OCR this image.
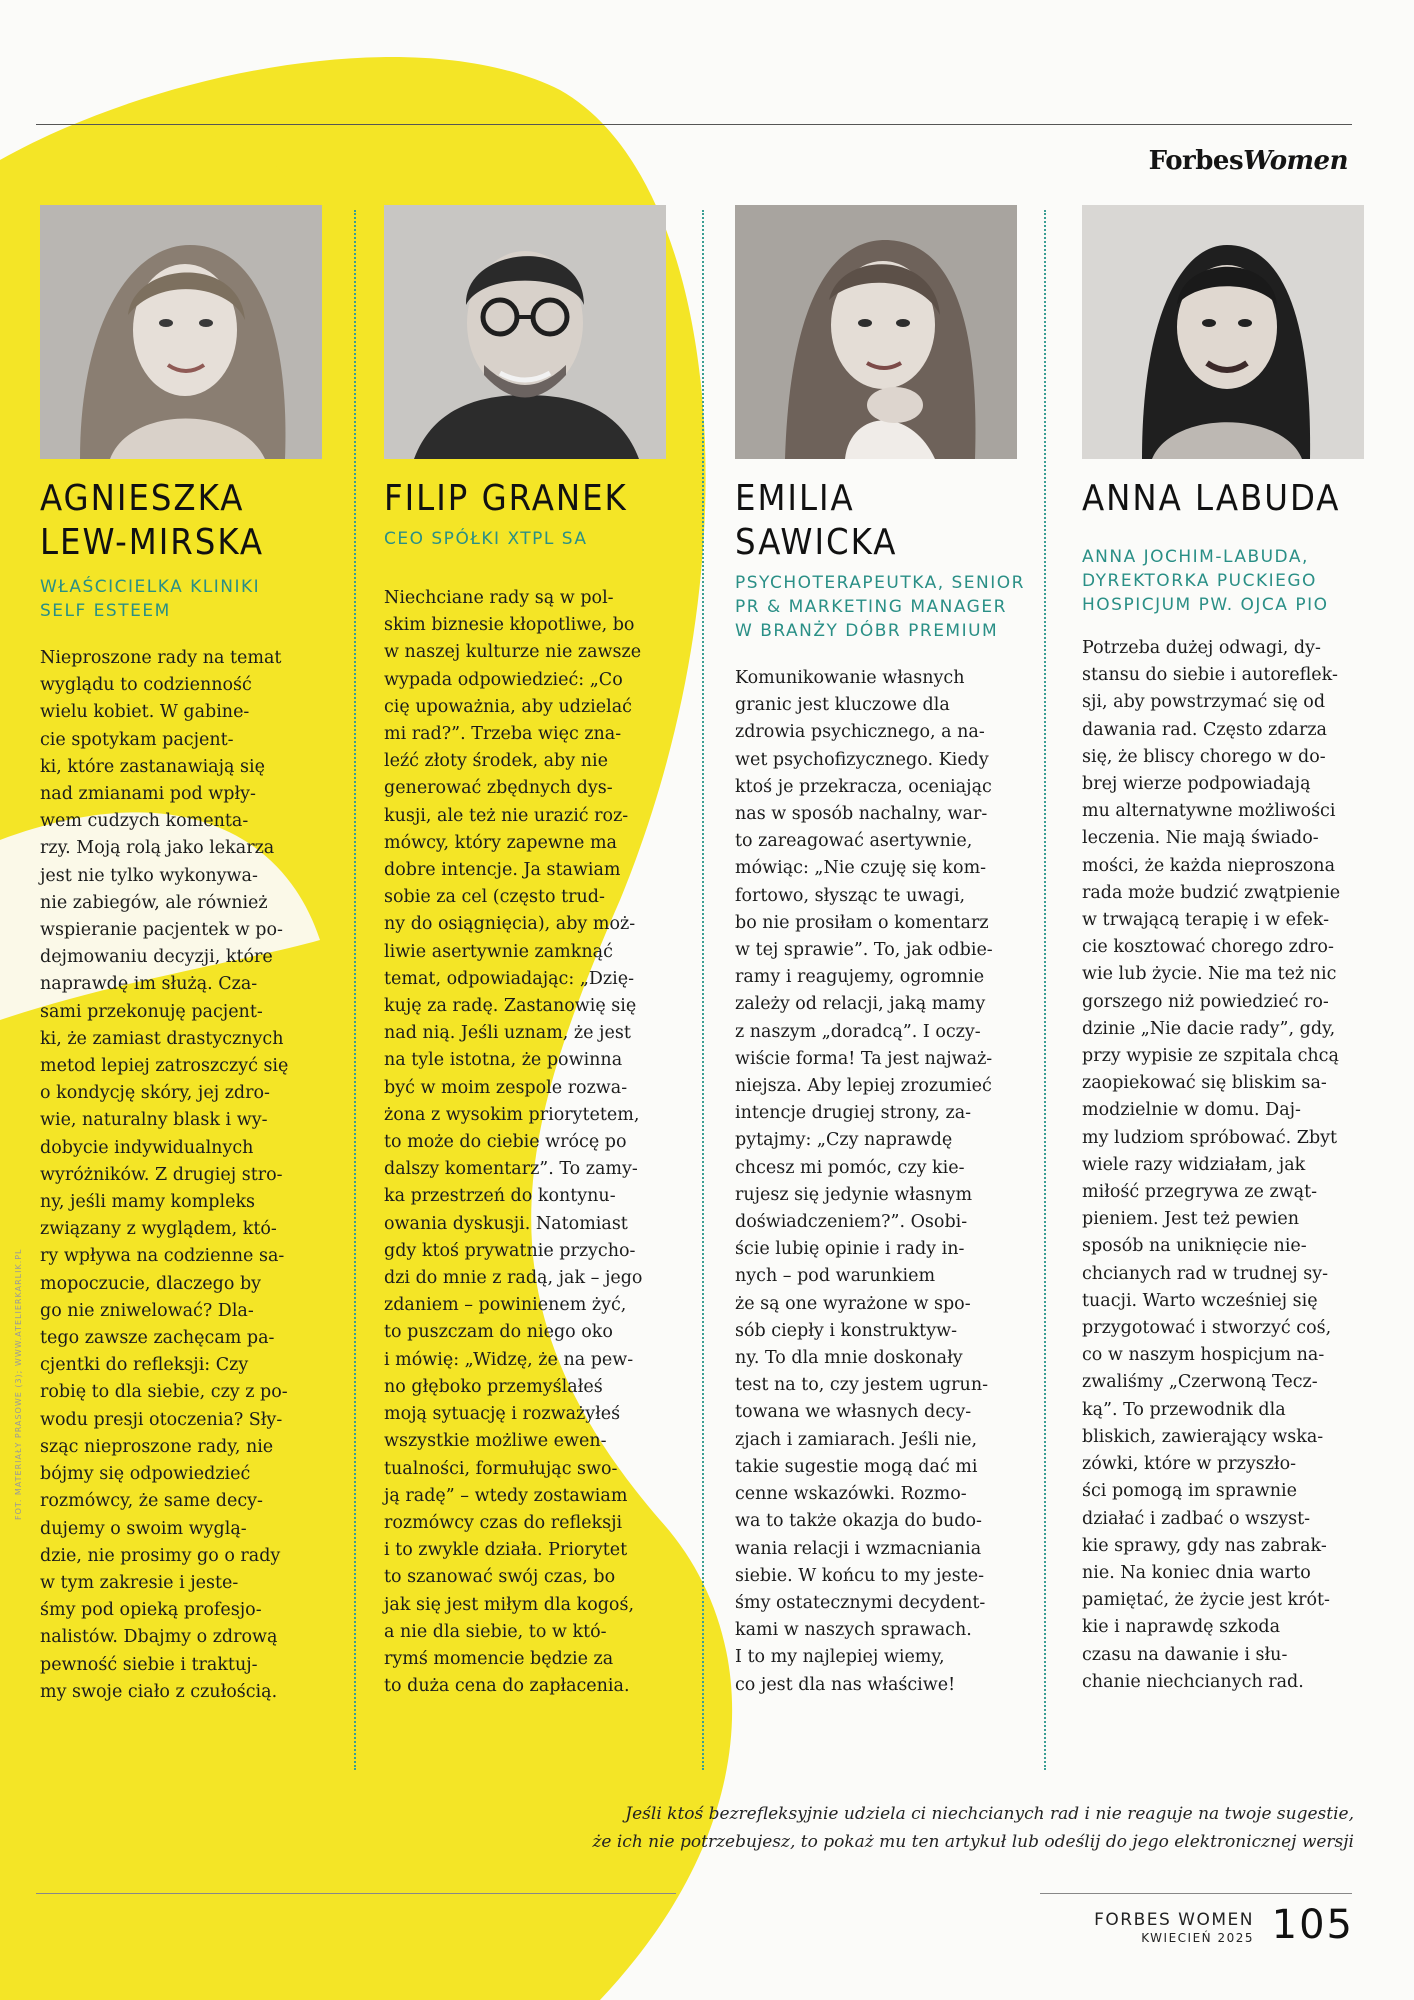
ForbesWomen
AGNIESZKA
LEW-MIRSKA
WŁAŚCICIELKA KLINIKI
SELF ESTEEM

Nieproszone rady na temat
wyglądu to codzienność
wielu kobiet. W gabine-
cie spotykam pacjent-
ki, które zastanawiają się
nad zmianami pod wpły-
wem cudzych komenta-
rzy. Moją rolą jako lekarza
jest nie tylko wykonywa-
nie zabiegów, ale również
wspieranie pacjentek w po-
dejmowaniu decyzji, które
naprawdę im służą. Cza-
sami przekonuję pacjent-
ki, że zamiast drastycznych
metod lepiej zatroszczyć się
o kondycję skóry, jej zdro-
wie, naturalny blask i wy-
dobycie indywidualnych
wyróżników. Z drugiej stro-
ny, jeśli mamy kompleks
związany z wyglądem, któ-
ry wpływa na codzienne sa-
mopoczucie, dlaczego by
go nie zniwelować? Dla-
tego zawsze zachęcam pa-
cjentki do refleksji: Czy
robię to dla siebie, czy z po-
wodu presji otoczenia? Sły-
sząc nieproszone rady, nie
bójmy się odpowiedzieć
rozmówcy, że same decy-
dujemy o swoim wyglą-
dzie, nie prosimy go o rady
w tym zakresie i jeste-
śmy pod opieką profesjo-
nalistów. Dbajmy o zdrową
pewność siebie i traktuj-
my swoje ciało z czułością.

FILIP GRANEK
CEO SPÓŁKI XTPL SA

Niechciane rady są w pol-
skim biznesie kłopotliwe, bo
w naszej kulturze nie zawsze
wypada odpowiedzieć: „Co
cię upoważnia, aby udzielać
mi rad?”. Trzeba więc zna-
leźć złoty środek, aby nie
generować zbędnych dys-
kusji, ale też nie urazić roz-
mówcy, który zapewne ma
dobre intencje. Ja stawiam
sobie za cel (często trud-
ny do osiągnięcia), aby moż-
liwie asertywnie zamknąć
temat, odpowiadając: „Dzię-
kuję za radę. Zastanowię się
nad nią. Jeśli uznam, że jest
na tyle istotna, że powinna
być w moim zespole rozwa-
żona z wysokim priorytetem,
to może do ciebie wrócę po
dalszy komentarz”. To zamy-
ka przestrzeń do kontynu-
owania dyskusji. Natomiast
gdy ktoś prywatnie przycho-
dzi do mnie z radą, jak – jego
zdaniem – powinienem żyć,
to puszczam do niego oko
i mówię: „Widzę, że na pew-
no głęboko przemyślałeś
moją sytuację i rozważyłeś
wszystkie możliwe ewen-
tualności, formułując swo-
ją radę” – wtedy zostawiam
rozmówcy czas do refleksji
i to zwykle działa. Priorytet
to szanować swój czas, bo
jak się jest miłym dla kogoś,
a nie dla siebie, to w któ-
rymś momencie będzie za
to duża cena do zapłacenia.

EMILIA
SAWICKA
PSYCHOTERAPEUTKA, SENIOR
PR & MARKETING MANAGER
W BRANŻY DÓBR PREMIUM

Komunikowanie własnych
granic jest kluczowe dla
zdrowia psychicznego, a na-
wet psychofizycznego. Kiedy
ktoś je przekracza, oceniając
nas w sposób nachalny, war-
to zareagować asertywnie,
mówiąc: „Nie czuję się kom-
fortowo, słysząc te uwagi,
bo nie prosiłam o komentarz
w tej sprawie”. To, jak odbie-
ramy i reagujemy, ogromnie
zależy od relacji, jaką mamy
z naszym „doradcą”. I oczy-
wiście forma! Ta jest najważ-
niejsza. Aby lepiej zrozumieć
intencje drugiej strony, za-
pytajmy: „Czy naprawdę
chcesz mi pomóc, czy kie-
rujesz się jedynie własnym
doświadczeniem?”. Osobi-
ście lubię opinie i rady in-
nych – pod warunkiem
że są one wyrażone w spo-
sób ciepły i konstruktyw-
ny. To dla mnie doskonały
test na to, czy jestem ugrun-
towana we własnych decy-
zjach i zamiarach. Jeśli nie,
takie sugestie mogą dać mi
cenne wskazówki. Rozmo-
wa to także okazja do budo-
wania relacji i wzmacniania
siebie. W końcu to my jeste-
śmy ostatecznymi decydent-
kami w naszych sprawach.
I to my najlepiej wiemy,
co jest dla nas właściwe!

ANNA LABUDA
ANNA JOCHIM-LABUDA,
DYREKTORKA PUCKIEGO
HOSPICJUM PW. OJCA PIO

Potrzeba dużej odwagi, dy-
stansu do siebie i autoreflek-
sji, aby powstrzymać się od
dawania rad. Często zdarza
się, że bliscy chorego w do-
brej wierze podpowiadają
mu alternatywne możliwości
leczenia. Nie mają świado-
mości, że każda nieproszona
rada może budzić zwątpienie
w trwającą terapię i w efek-
cie kosztować chorego zdro-
wie lub życie. Nie ma też nic
gorszego niż powiedzieć ro-
dzinie „Nie dacie rady”, gdy,
przy wypisie ze szpitala chcą
zaopiekować się bliskim sa-
modzielnie w domu. Daj-
my ludziom spróbować. Zbyt
wiele razy widziałam, jak
miłość przegrywa ze zwąt-
pieniem. Jest też pewien
sposób na uniknięcie nie-
chcianych rad w trudnej sy-
tuacji. Warto wcześniej się
przygotować i stworzyć coś,
co w naszym hospicjum na-
zwaliśmy „Czerwoną Tecz-
ką”. To przewodnik dla
bliskich, zawierający wska-
zówki, które w przyszło-
ści pomogą im sprawnie
działać i zadbać o wszyst-
kie sprawy, gdy nas zabrak-
nie. Na koniec dnia warto
pamiętać, że życie jest krót-
kie i naprawdę szkoda
czasu na dawanie i słu-
chanie niechcianych rad.

Jeśli ktoś bezrefleksyjnie udziela ci niechcianych rad i nie reaguje na twoje sugestie,
że ich nie potrzebujesz, to pokaż mu ten artykuł lub odeślij do jego elektronicznej wersji
FORBES WOMEN
KWIECIEŃ 2025 105
FOT. MATERIAŁY PRASOWE (3); WWW.ATELIERKARLIK.PL
